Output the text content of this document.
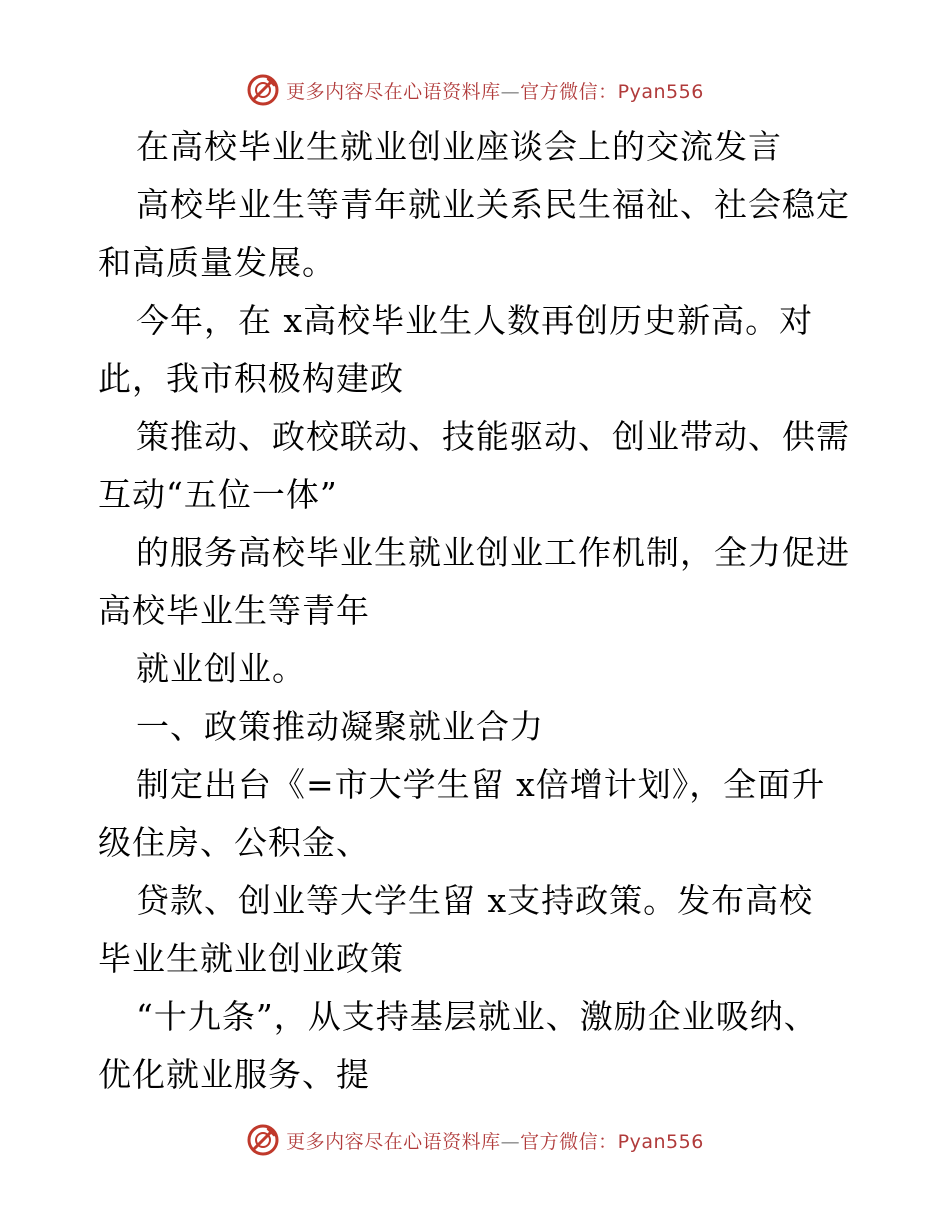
更多内容尽在心语资料库—官方微信：Pyan556
在高校毕业生就业创业座谈会上的交流发言
高校毕业生等青年就业关系民生福祉、社会稳定
和高质量发展。
今年，在 x高校毕业生人数再创历史新高。对
此，我市积极构建政
策推动、政校联动、技能驱动、创业带动、供需
互动“五位一体”
的服务高校毕业生就业创业工作机制，全力促进
高校毕业生等青年
就业创业。
一、政策推动凝聚就业合力
制定出台《=市大学生留 x倍增计划》，全面升
级住房、公积金、
贷款、创业等大学生留 x支持政策。发布高校
毕业生就业创业政策
“十九条”，从支持基层就业、激励企业吸纳、
优化就业服务、提
更多内容尽在心语资料库—官方微信：Pyan556
